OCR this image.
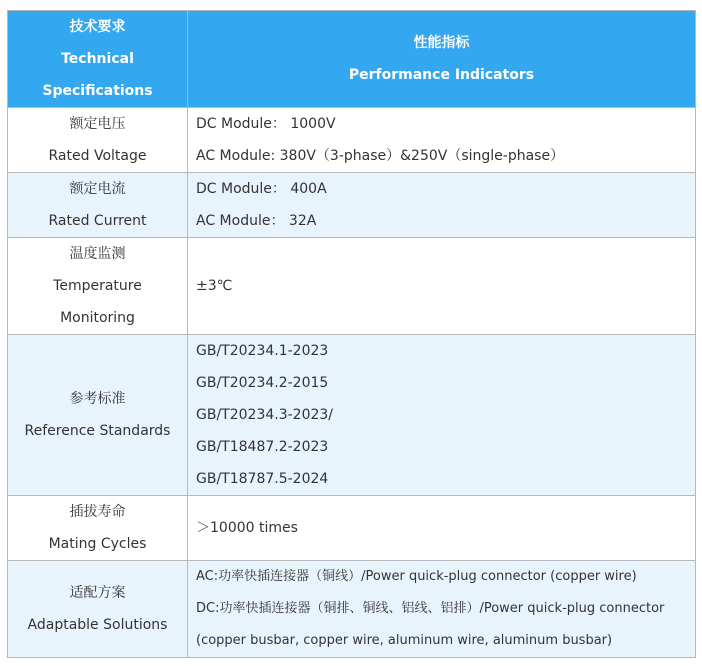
技术要求
Technical
Specifications	性能指标
Performance Indicators

额定电压
Rated Voltage	DC Module： 1000V
AC Module: 380V（3-phase）&250V（single-phase）

额定电流
Rated Current	DC Module： 400A
AC Module： 32A

温度监测
Temperature
Monitoring	±3℃

参考标准
Reference Standards	GB/T20234.1-2023
GB/T20234.2-2015
GB/T20234.3-2023/
GB/T18487.2-2023
GB/T18787.5-2024

插拔寿命
Mating Cycles	＞10000 times

适配方案
Adaptable Solutions	AC:功率快插连接器（铜线）/Power quick-plug connector (copper wire)
DC:功率快插连接器（铜排、铜线、铝线、铝排）/Power quick-plug connector
(copper busbar, copper wire, aluminum wire, aluminum busbar)
